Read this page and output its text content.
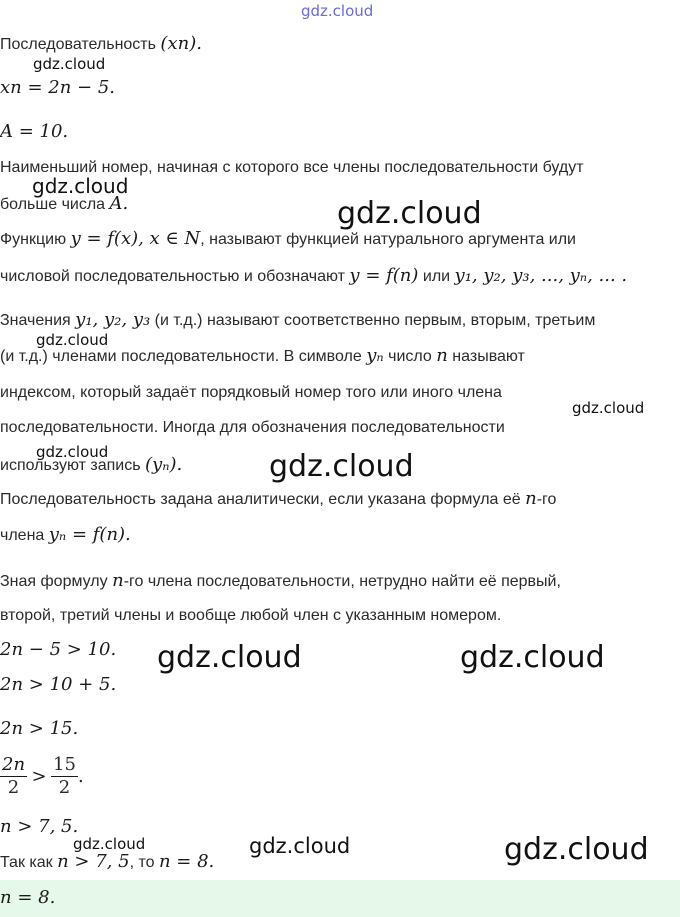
gdz.cloud
Последовательность (xn).
gdz.cloud
xn = 2n − 5.
A = 10.
Наименьший номер, начиная с которого все члены последовательности будут
gdz.cloud
больше числа A.	gdz.cloud
Функцию y = f(x), x ∈ N, называют функцией натурального аргумента или
числовой последовательностью и обозначают y = f(n) или y₁, y₂, y₃, ..., yₙ, ... .
Значения y₁, y₂, y₃ (и т.д.) называют соответственно первым, вторым, третьим
gdz.cloud
(и т.д.) членами последовательности. В символе yₙ число n называют
индексом, который задаёт порядковый номер того или иного члена
gdz.cloud
последовательности. Иногда для обозначения последовательности
gdz.cloud
используют запись (yₙ).	gdz.cloud
Последовательность задана аналитически, если указана формула её n-го
члена yₙ = f(n).
Зная формулу n-го члена последовательности, нетрудно найти её первый,
второй, третий члены и вообще любой член с указанным номером.
2n − 5 > 10. gdz.cloud	gdz.cloud
2n > 10 + 5.
2n > 15.
$\frac{2n}{2} > \frac{15}{2}$ .
n > 7, 5.
gdz.cloud	gdz.cloud	gdz.cloud
Так как n > 7, 5, то n = 8.
n = 8.
